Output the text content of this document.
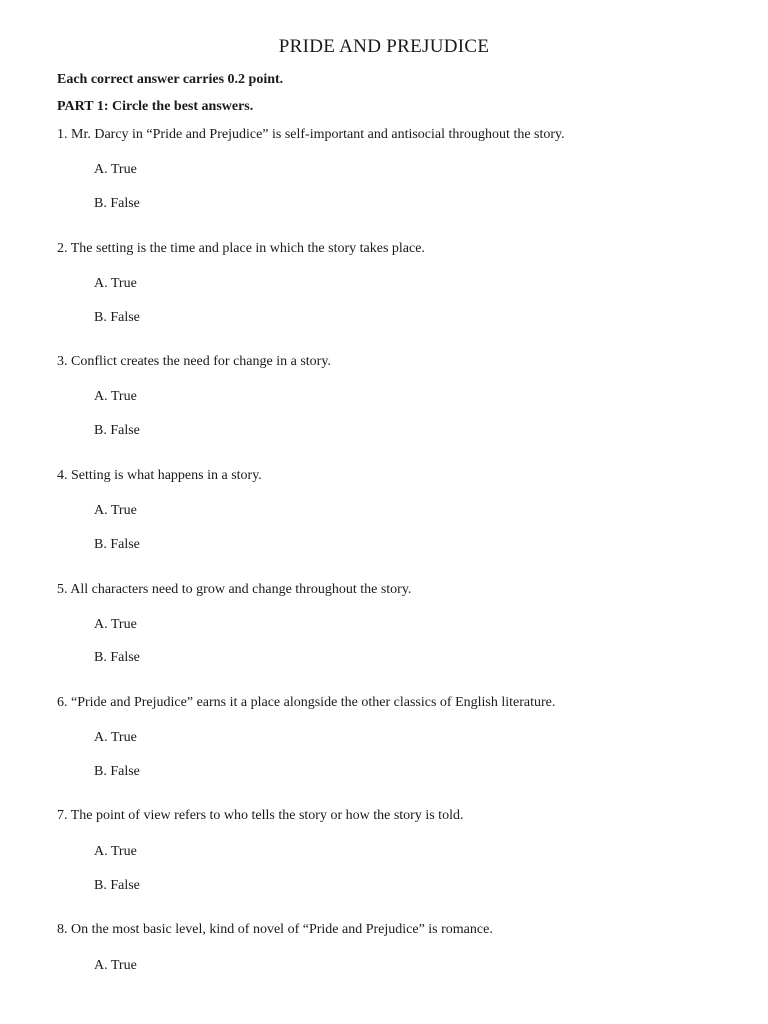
PRIDE AND PREJUDICE

Each correct answer carries 0.2 point.

PART 1: Circle the best answers.

1. Mr. Darcy in “Pride and Prejudice” is self-important and antisocial throughout the story.

A. True

B. False

2. The setting is the time and place in which the story takes place.

A. True

B. False

3. Conflict creates the need for change in a story.

A. True

B. False

4. Setting is what happens in a story.

A. True

B. False

5. All characters need to grow and change throughout the story.

A. True

B. False

6. “Pride and Prejudice” earns it a place alongside the other classics of English literature.

A. True

B. False

7. The point of view refers to who tells the story or how the story is told.

A. True

B. False

8. On the most basic level, kind of novel of “Pride and Prejudice” is romance.

A. True
